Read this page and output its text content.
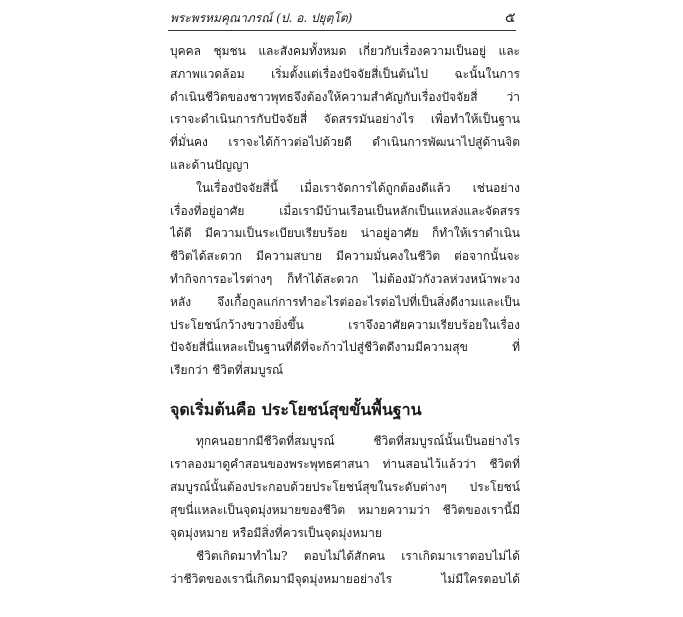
พระพรหมคุณาภรณ์ (ป. อ. ปยุตฺโต)	๕
บุคคล ชุมชน และสังคมทั้งหมด เกี่ยวกับเรื่องความเป็นอยู่ และ
สภาพแวดล้อม เริ่มตั้งแต่เรื่องปัจจัยสี่เป็นต้นไป ฉะนั้นในการ
ดำเนินชีวิตของชาวพุทธจึงต้องให้ความสำคัญกับเรื่องปัจจัยสี่ ว่า
เราจะดำเนินการกับปัจจัยสี่ จัดสรรมันอย่างไร เพื่อทำให้เป็นฐาน
ที่มั่นคง เราจะได้ก้าวต่อไปด้วยดี ดำเนินการพัฒนาไปสู่ด้านจิต
และด้านปัญญา
ในเรื่องปัจจัยสี่นี้ เมื่อเราจัดการได้ถูกต้องดีแล้ว เช่นอย่าง
เรื่องที่อยู่อาศัย เมื่อเรามีบ้านเรือนเป็นหลักเป็นแหล่งและจัดสรร
ได้ดี มีความเป็นระเบียบเรียบร้อย น่าอยู่อาศัย ก็ทำให้เราดำเนิน
ชีวิตได้สะดวก มีความสบาย มีความมั่นคงในชีวิต ต่อจากนั้นจะ
ทำกิจการอะไรต่างๆ ก็ทำได้สะดวก ไม่ต้องมัวกังวลห่วงหน้าพะวง
หลัง จึงเกื้อกูลแก่การทำอะไรต่ออะไรต่อไปที่เป็นสิ่งดีงามและเป็น
ประโยชน์กว้างขวางยิ่งขึ้น เราจึงอาศัยความเรียบร้อยในเรื่อง
ปัจจัยสี่นี่แหละเป็นฐานที่ดีที่จะก้าวไปสู่ชีวิตดีงามมีความสุข ที่
เรียกว่า ชีวิตที่สมบูรณ์
จุดเริ่มต้นคือ ประโยชน์สุขขั้นพื้นฐาน
ทุกคนอยากมีชีวิตที่สมบูรณ์ ชีวิตที่สมบูรณ์นั้นเป็นอย่างไร
เราลองมาดูคำสอนของพระพุทธศาสนา ท่านสอนไว้แล้วว่า ชีวิตที่
สมบูรณ์นั้นต้องประกอบด้วยประโยชน์สุขในระดับต่างๆ ประโยชน์
สุขนี่แหละเป็นจุดมุ่งหมายของชีวิต หมายความว่า ชีวิตของเรานี้มี
จุดมุ่งหมาย หรือมีสิ่งที่ควรเป็นจุดมุ่งหมาย
ชีวิตเกิดมาทำไม? ตอบไม่ได้สักคน เราเกิดมาเราตอบไม่ได้
ว่าชีวิตของเรานี่เกิดมามีจุดมุ่งหมายอย่างไร ไม่มีใครตอบได้
